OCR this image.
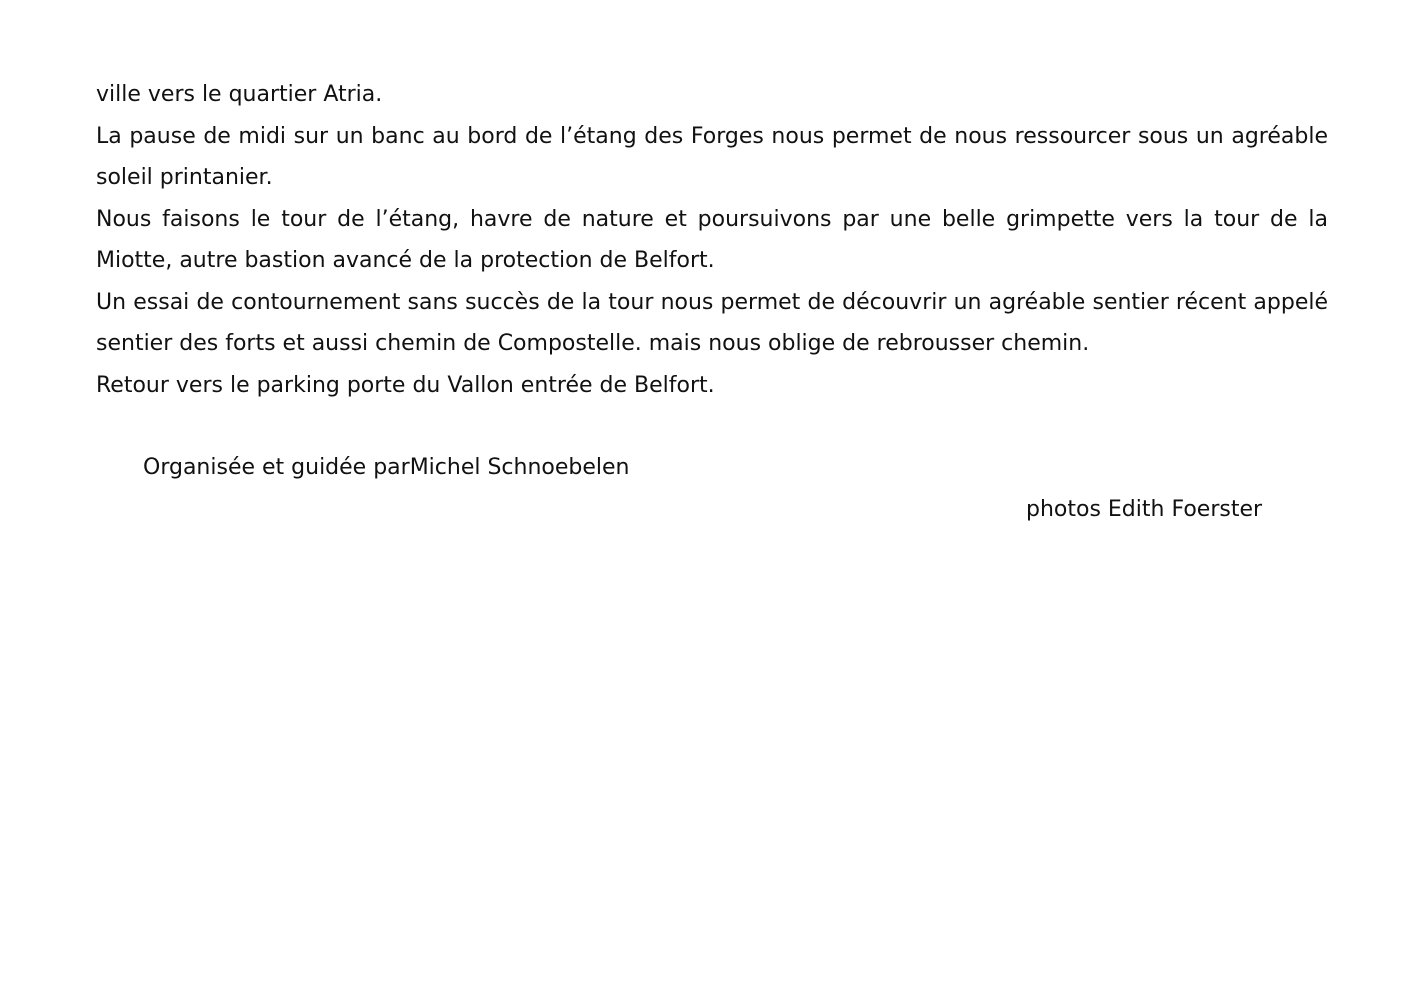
ville vers le quartier Atria.

La pause de midi sur un banc au bord de l’étang des Forges nous permet de nous ressourcer sous un agréable soleil printanier.

Nous faisons le tour de l’étang, havre de nature et poursuivons par une belle grimpette vers la tour de la Miotte, autre bastion avancé de la protection de Belfort.

Un essai de contournement sans succès de la tour nous permet de découvrir un agréable sentier récent appelé sentier des forts et aussi chemin de Compostelle. mais nous oblige de rebrousser chemin.

Retour vers le parking porte du Vallon entrée de Belfort.

Organisée et guidée parMichel Schnoebelen
photos Edith Foerster
